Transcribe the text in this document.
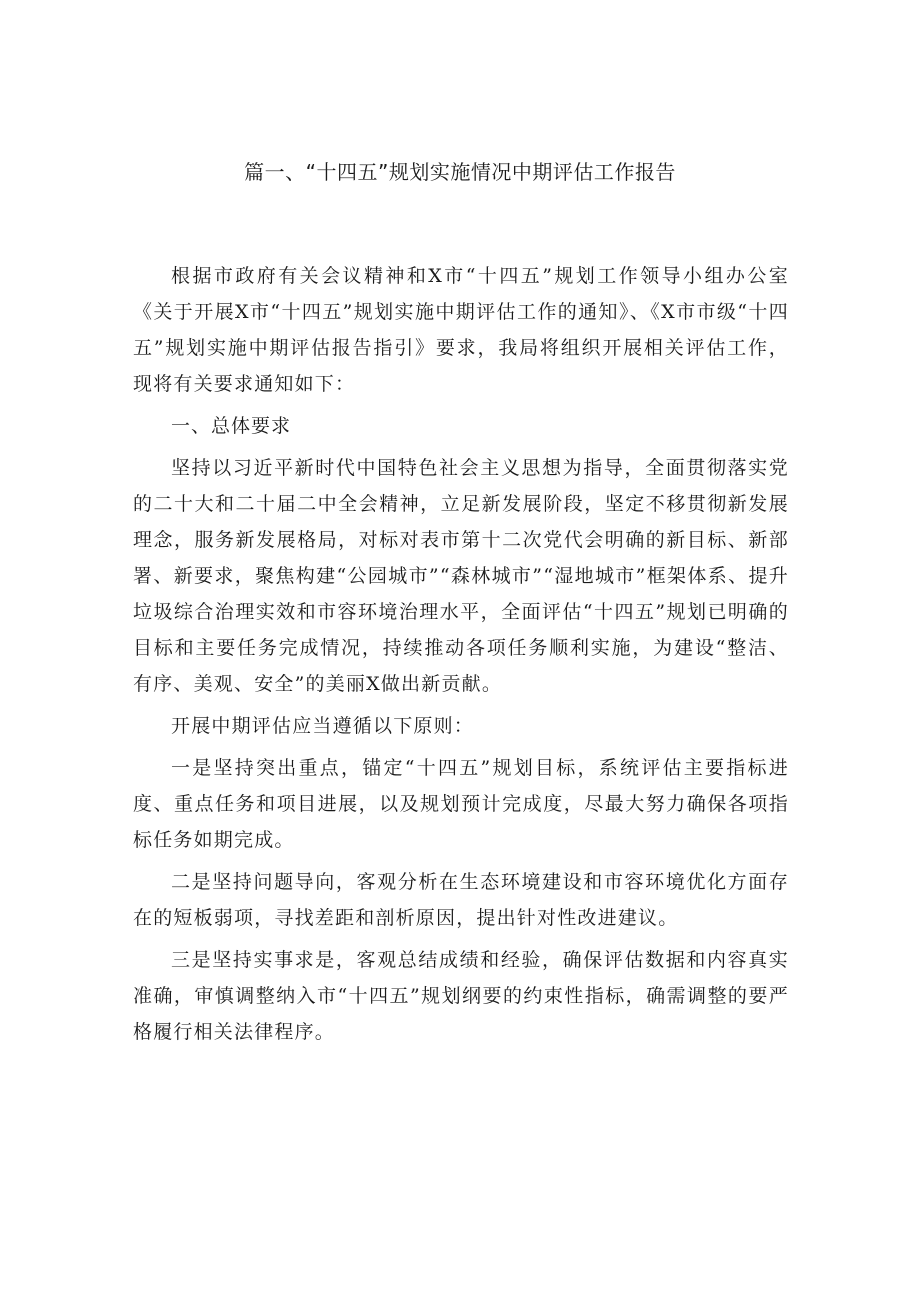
篇一、“十四五”规划实施情况中期评估工作报告

根据市政府有关会议精神和X市“十四五”规划工作领导小组办公室《关于开展X市“十四五”规划实施中期评估工作的通知》、《X市市级“十四五”规划实施中期评估报告指引》要求，我局将组织开展相关评估工作，现将有关要求通知如下：

一、总体要求

坚持以习近平新时代中国特色社会主义思想为指导，全面贯彻落实党的二十大和二十届二中全会精神，立足新发展阶段，坚定不移贯彻新发展理念，服务新发展格局，对标对表市第十二次党代会明确的新目标、新部署、新要求，聚焦构建“公园城市”“森林城市”“湿地城市”框架体系、提升垃圾综合治理实效和市容环境治理水平，全面评估“十四五”规划已明确的目标和主要任务完成情况，持续推动各项任务顺利实施，为建设“整洁、有序、美观、安全”的美丽X做出新贡献。

开展中期评估应当遵循以下原则：

一是坚持突出重点，锚定“十四五”规划目标，系统评估主要指标进度、重点任务和项目进展，以及规划预计完成度，尽最大努力确保各项指标任务如期完成。

二是坚持问题导向，客观分析在生态环境建设和市容环境优化方面存在的短板弱项，寻找差距和剖析原因，提出针对性改进建议。

三是坚持实事求是，客观总结成绩和经验，确保评估数据和内容真实准确，审慎调整纳入市“十四五”规划纲要的约束性指标，确需调整的要严格履行相关法律程序。
